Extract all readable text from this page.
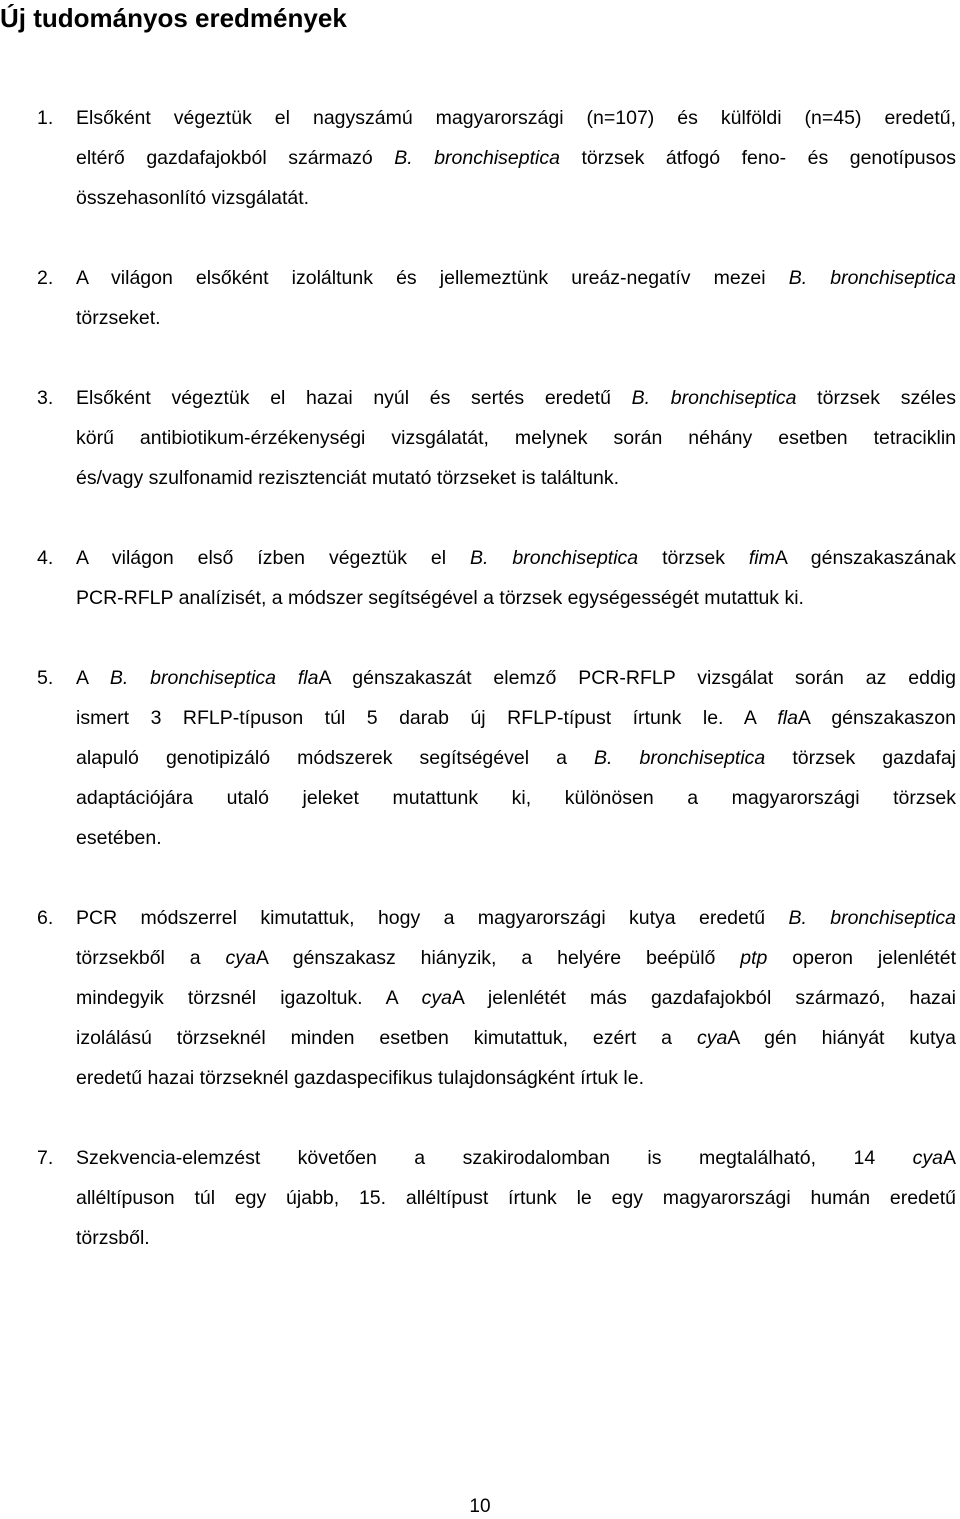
Új tudományos eredmények
1.	Elsőként végeztük el nagyszámú magyarországi (n=107) és külföldi (n=45) eredetű,
eltérő gazdafajokból származó B. bronchiseptica törzsek átfogó feno- és genotípusos
összehasonlító vizsgálatát.
2.	A világon elsőként izoláltunk és jellemeztünk ureáz-negatív mezei B. bronchiseptica
törzseket.
3.	Elsőként végeztük el hazai nyúl és sertés eredetű B. bronchiseptica törzsek széles
körű antibiotikum-érzékenységi vizsgálatát, melynek során néhány esetben tetraciklin
és/vagy szulfonamid rezisztenciát mutató törzseket is találtunk.
4.	A világon első ízben végeztük el B. bronchiseptica törzsek fimA génszakaszának
PCR-RFLP analízisét, a módszer segítségével a törzsek egységességét mutattuk ki.
5.	A B. bronchiseptica flaA génszakaszát elemző PCR-RFLP vizsgálat során az eddig
ismert 3 RFLP-típuson túl 5 darab új RFLP-típust írtunk le. A flaA génszakaszon
alapuló genotipizáló módszerek segítségével a B. bronchiseptica törzsek gazdafaj
adaptációjára utaló jeleket mutattunk ki, különösen a magyarországi törzsek
esetében.
6.	PCR módszerrel kimutattuk, hogy a magyarországi kutya eredetű B. bronchiseptica
törzsekből a cyaA génszakasz hiányzik, a helyére beépülő ptp operon jelenlétét
mindegyik törzsnél igazoltuk. A cyaA jelenlétét más gazdafajokból származó, hazai
izolálású törzseknél minden esetben kimutattuk, ezért a cyaA gén hiányát kutya
eredetű hazai törzseknél gazdaspecifikus tulajdonságként írtuk le.
7.	Szekvencia-elemzést követően a szakirodalomban is megtalálható, 14 cyaA
alléltípuson túl egy újabb, 15. alléltípust írtunk le egy magyarországi humán eredetű
törzsből.
10
